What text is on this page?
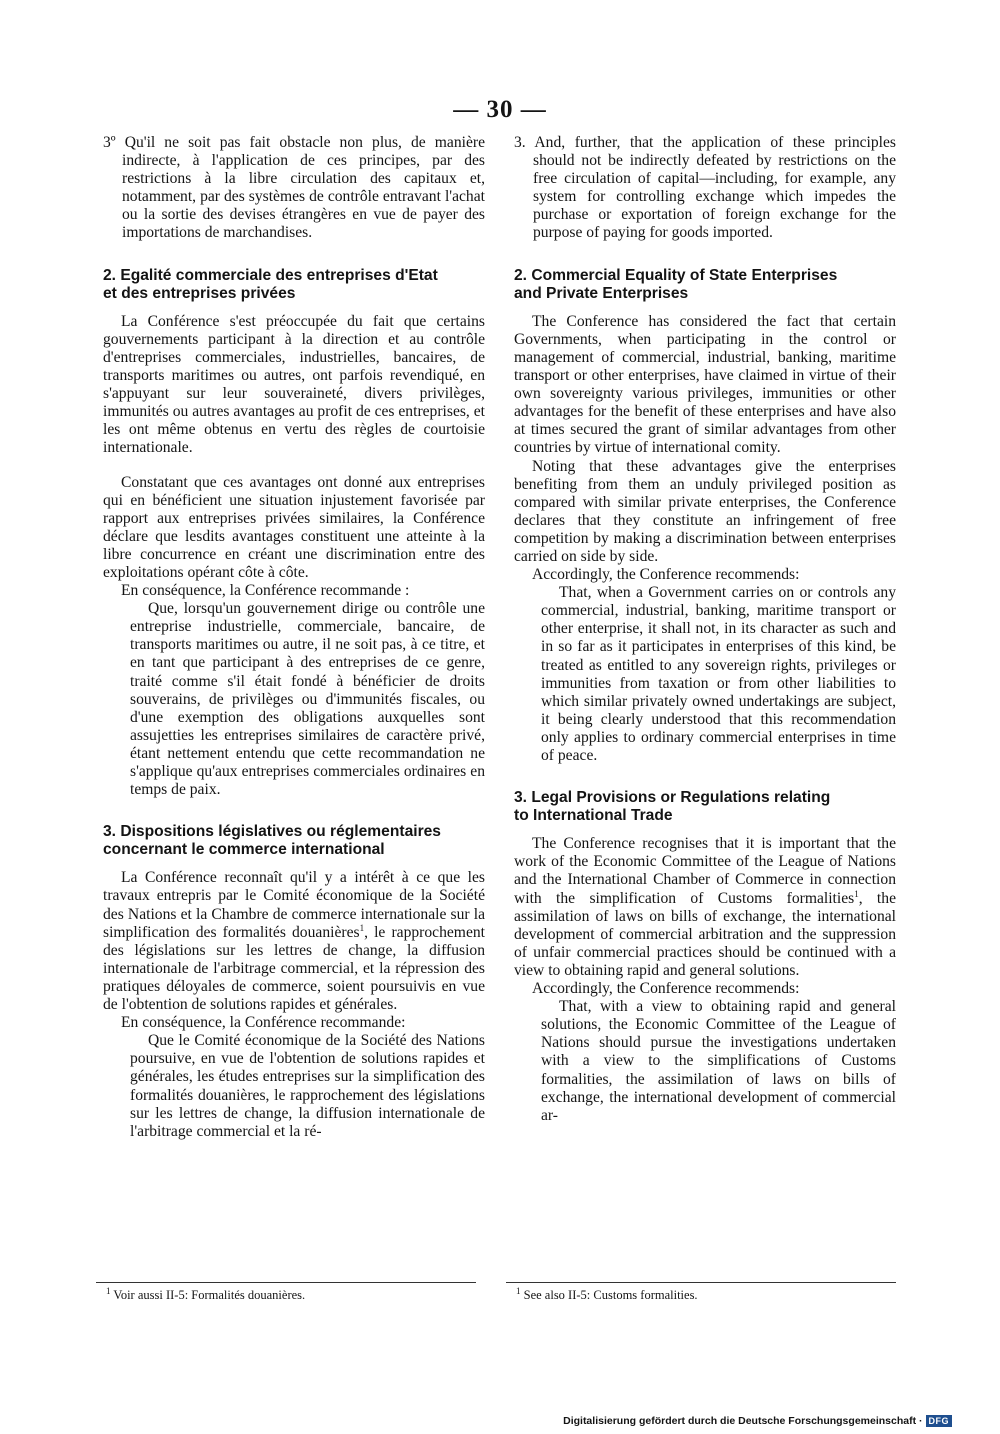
— 30 —

3º Qu'il ne soit pas fait obstacle non plus, de manière indirecte, à l'application de ces principes, par des restrictions à la libre circulation des capitaux et, notamment, par des systèmes de contrôle entravant l'achat ou la sortie des devises étrangères en vue de payer des importations de marchandises.

2. Egalité commerciale des entreprises d'Etat
et des entreprises privées

La Conférence s'est préoccupée du fait que certains gouvernements participant à la direction et au contrôle d'entreprises commerciales, industrielles, bancaires, de transports maritimes ou autres, ont parfois revendiqué, en s'appuyant sur leur souveraineté, divers privilèges, immunités ou autres avantages au profit de ces entreprises, et les ont même obtenus en vertu des règles de courtoisie internationale.

Constatant que ces avantages ont donné aux entreprises qui en bénéficient une situation injustement favorisée par rapport aux entreprises privées similaires, la Conférence déclare que lesdits avantages constituent une atteinte à la libre concurrence en créant une discrimination entre des exploitations opérant côte à côte.

En conséquence, la Conférence recommande :

Que, lorsqu'un gouvernement dirige ou contrôle une entreprise industrielle, commerciale, bancaire, de transports maritimes ou autre, il ne soit pas, à ce titre, et en tant que participant à des entreprises de ce genre, traité comme s'il était fondé à bénéficier de droits souverains, de privilèges ou d'immunités fiscales, ou d'une exemption des obligations auxquelles sont assujetties les entreprises similaires de caractère privé, étant nettement entendu que cette recommandation ne s'applique qu'aux entreprises commerciales ordinaires en temps de paix.

3. Dispositions législatives ou réglementaires
concernant le commerce international

La Conférence reconnaît qu'il y a intérêt à ce que les travaux entrepris par le Comité économique de la Société des Nations et la Chambre de commerce internationale sur la simplification des formalités douanières$^1$, le rapprochement des législations sur les lettres de change, la diffusion internationale de l'arbitrage commercial, et la répression des pratiques déloyales de commerce, soient poursuivis en vue de l'obtention de solutions rapides et générales.

En conséquence, la Conférence recommande:

Que le Comité économique de la Société des Nations poursuive, en vue de l'obtention de solutions rapides et générales, les études entreprises sur la simplification des formalités douanières, le rapprochement des législations sur les lettres de change, la diffusion internationale de l'arbitrage commercial et la ré-

3. And, further, that the application of these principles should not be indirectly defeated by restrictions on the free circulation of capital—including, for example, any system for controlling exchange which impedes the purchase or exportation of foreign exchange for the purpose of paying for goods imported.

2. Commercial Equality of State Enterprises
and Private Enterprises

The Conference has considered the fact that certain Governments, when participating in the control or management of commercial, industrial, banking, maritime transport or other enterprises, have claimed in virtue of their own sovereignty various privileges, immunities or other advantages for the benefit of these enterprises and have also at times secured the grant of similar advantages from other countries by virtue of international comity.

Noting that these advantages give the enterprises benefiting from them an unduly privileged position as compared with similar private enterprises, the Conference declares that they constitute an infringement of free competition by making a discrimination between enterprises carried on side by side.

Accordingly, the Conference recommends:

That, when a Government carries on or controls any commercial, industrial, banking, maritime transport or other enterprise, it shall not, in its character as such and in so far as it participates in enterprises of this kind, be treated as entitled to any sovereign rights, privileges or immunities from taxation or from other liabilities to which similar privately owned undertakings are subject, it being clearly understood that this recommendation only applies to ordinary commercial enterprises in time of peace.

3. Legal Provisions or Regulations relating
to International Trade

The Conference recognises that it is important that the work of the Economic Committee of the League of Nations and the International Chamber of Commerce in connection with the simplification of Customs formalities$^1$, the assimilation of laws on bills of exchange, the international development of commercial arbitration and the suppression of unfair commercial practices should be continued with a view to obtaining rapid and general solutions.

Accordingly, the Conference recommends:

That, with a view to obtaining rapid and general solutions, the Economic Committee of the League of Nations should pursue the investigations undertaken with a view to the simplifications of Customs formalities, the assimilation of laws on bills of exchange, the international development of commercial ar-

$^1$ Voir aussi II-5: Formalités douanières.	$^1$ See also II-5: Customs formalities.
Digitalisierung gefördert durch die Deutsche Forschungsgemeinschaft · DFG
